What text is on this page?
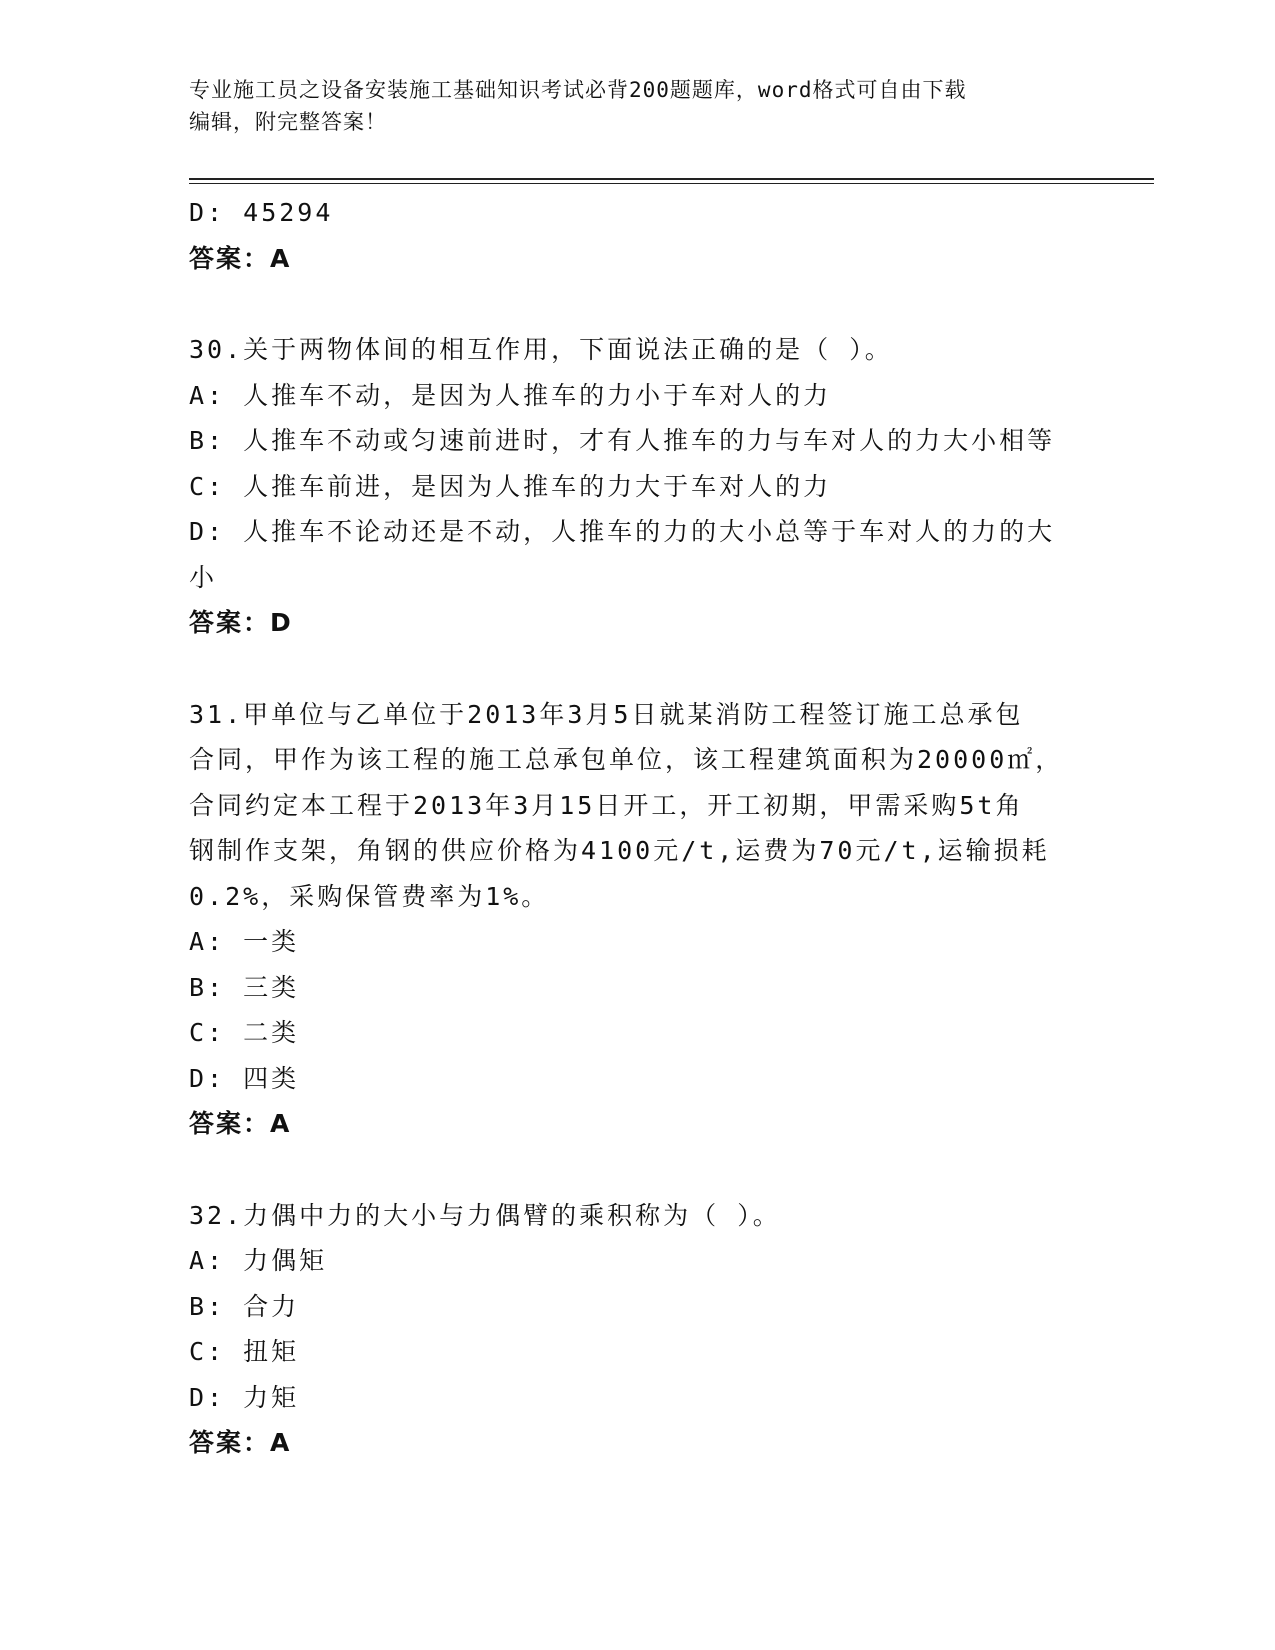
专业施工员之设备安装施工基础知识考试必背200题题库，word格式可自由下载
编辑，附完整答案！
D: 45294
答案：A
30.关于两物体间的相互作用，下面说法正确的是（ ）。
A: 人推车不动，是因为人推车的力小于车对人的力
B: 人推车不动或匀速前进时，才有人推车的力与车对人的力大小相等
C: 人推车前进，是因为人推车的力大于车对人的力
D: 人推车不论动还是不动，人推车的力的大小总等于车对人的力的大小
答案：D
31.甲单位与乙单位于2013年3月5日就某消防工程签订施工总承包
合同，甲作为该工程的施工总承包单位，该工程建筑面积为20000㎡，
合同约定本工程于2013年3月15日开工，开工初期，甲需采购5t角
钢制作支架，角钢的供应价格为4100元/t,运费为70元/t,运输损耗
0.2%，采购保管费率为1%。
A: 一类
B: 三类
C: 二类
D: 四类
答案：A
32.力偶中力的大小与力偶臂的乘积称为（ ）。
A: 力偶矩
B: 合力
C: 扭矩
D: 力矩
答案：A
